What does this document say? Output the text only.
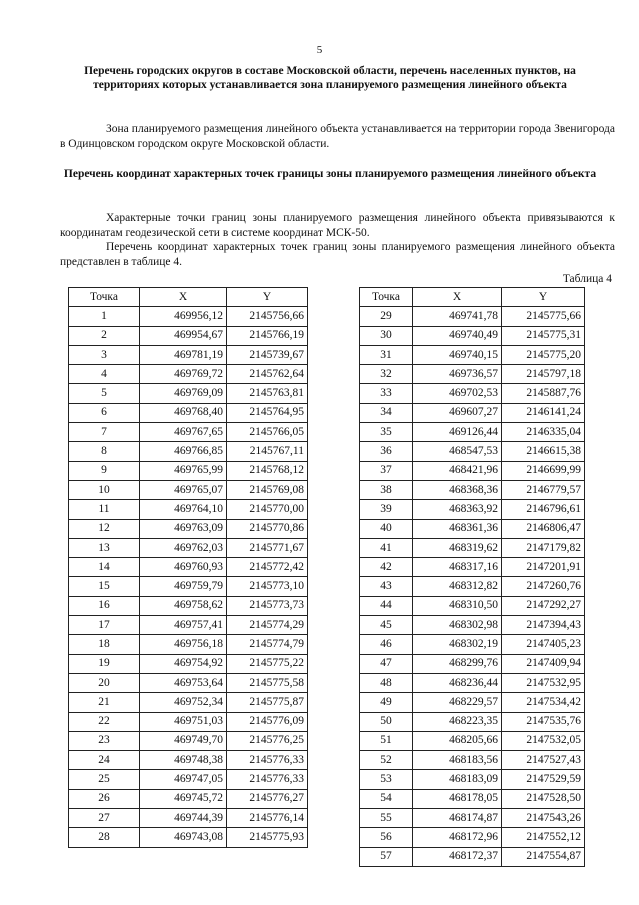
5
Перечень городских округов в составе Московской области, перечень населенных пунктов, на территориях которых устанавливается зона планируемого размещения линейного объекта
Зона планируемого размещения линейного объекта устанавливается на территории города Звенигорода в Одинцовском городском округе Московской области.
Перечень координат характерных точек границы зоны планируемого размещения линейного объекта
Характерные точки границ зоны планируемого размещения линейного объекта привязываются к координатам геодезической сети в системе координат МСК-50.
Перечень координат характерных точек границ зоны планируемого размещения линейного объекта представлен в таблице 4.
Таблица 4
Точка	X	Y
1	469956,12	2145756,66
2	469954,67	2145766,19
3	469781,19	2145739,67
4	469769,72	2145762,64
5	469769,09	2145763,81
6	469768,40	2145764,95
7	469767,65	2145766,05
8	469766,85	2145767,11
9	469765,99	2145768,12
10	469765,07	2145769,08
11	469764,10	2145770,00
12	469763,09	2145770,86
13	469762,03	2145771,67
14	469760,93	2145772,42
15	469759,79	2145773,10
16	469758,62	2145773,73
17	469757,41	2145774,29
18	469756,18	2145774,79
19	469754,92	2145775,22
20	469753,64	2145775,58
21	469752,34	2145775,87
22	469751,03	2145776,09
23	469749,70	2145776,25
24	469748,38	2145776,33
25	469747,05	2145776,33
26	469745,72	2145776,27
27	469744,39	2145776,14
28	469743,08	2145775,93
Точка	X	Y
29	469741,78	2145775,66
30	469740,49	2145775,31
31	469740,15	2145775,20
32	469736,57	2145797,18
33	469702,53	2145887,76
34	469607,27	2146141,24
35	469126,44	2146335,04
36	468547,53	2146615,38
37	468421,96	2146699,99
38	468368,36	2146779,57
39	468363,92	2146796,61
40	468361,36	2146806,47
41	468319,62	2147179,82
42	468317,16	2147201,91
43	468312,82	2147260,76
44	468310,50	2147292,27
45	468302,98	2147394,43
46	468302,19	2147405,23
47	468299,76	2147409,94
48	468236,44	2147532,95
49	468229,57	2147534,42
50	468223,35	2147535,76
51	468205,66	2147532,05
52	468183,56	2147527,43
53	468183,09	2147529,59
54	468178,05	2147528,50
55	468174,87	2147543,26
56	468172,96	2147552,12
57	468172,37	2147554,87
